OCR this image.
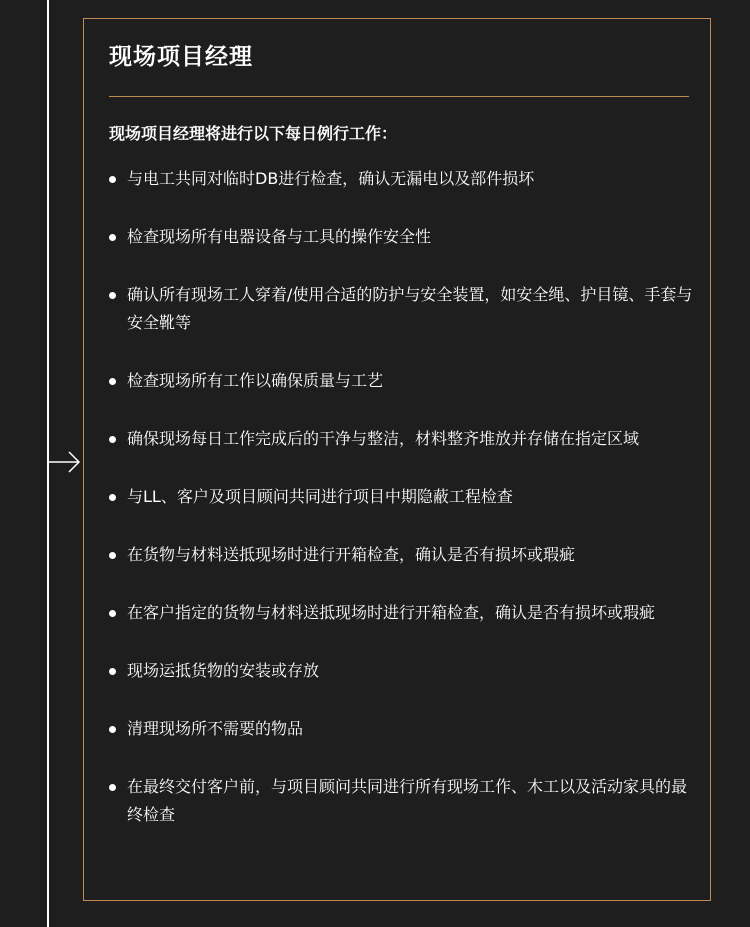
现场项目经理

现场项目经理将进行以下每日例行工作：

与电工共同对临时DB进行检查，确认无漏电以及部件损坏
检查现场所有电器设备与工具的操作安全性
确认所有现场工人穿着/使用合适的防护与安全装置，如安全绳、护目镜、手套与安全靴等
检查现场所有工作以确保质量与工艺
确保现场每日工作完成后的干净与整洁，材料整齐堆放并存储在指定区域
与LL、客户及项目顾问共同进行项目中期隐蔽工程检查
在货物与材料送抵现场时进行开箱检查，确认是否有损坏或瑕疵
在客户指定的货物与材料送抵现场时进行开箱检查，确认是否有损坏或瑕疵
现场运抵货物的安装或存放
清理现场所不需要的物品
在最终交付客户前，与项目顾问共同进行所有现场工作、木工以及活动家具的最终检查
